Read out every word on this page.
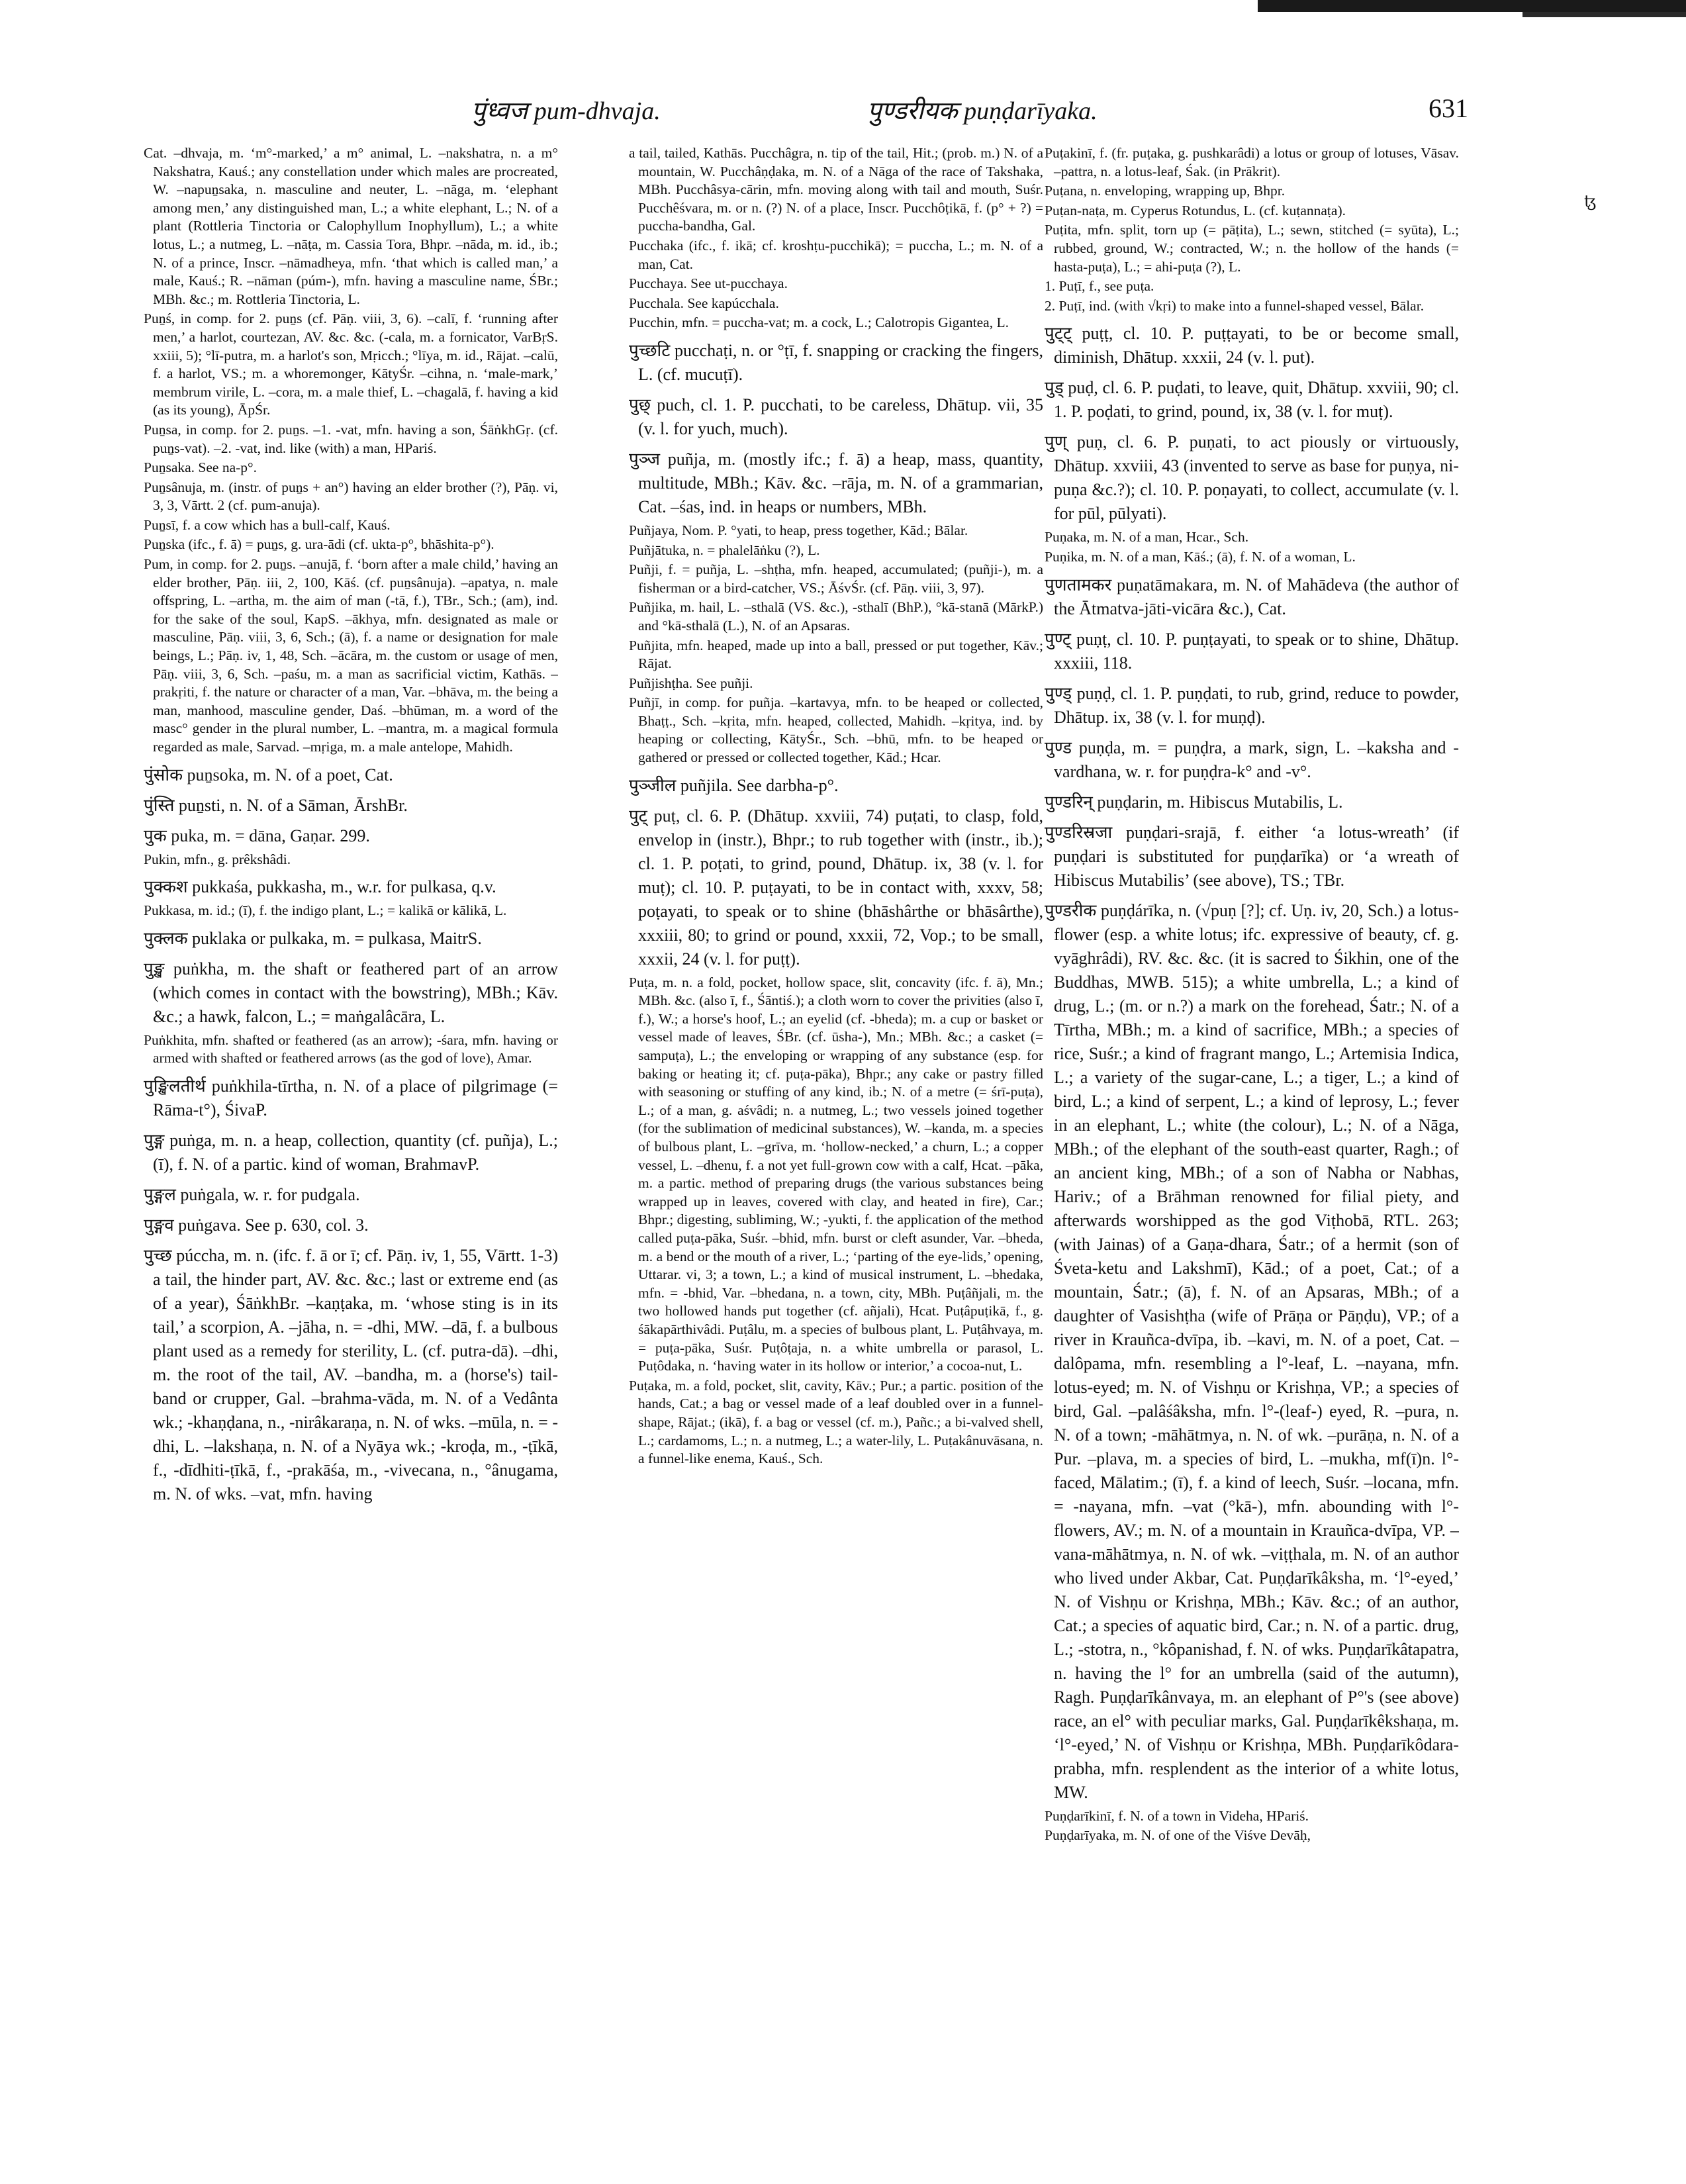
पुंध्वज pum-dhvaja.	पुण्डरीयक puṇḍarīyaka.	631
ꜩ

Cat. –dhvaja, m. ‘m°-marked,’ a m° animal, L. –nakshatra, n. a m° Nakshatra, Kauś.; any constellation under which males are procreated, W. –napuṉsaka, n. masculine and neuter, L. –nāga, m. ‘elephant among men,’ any distinguished man, L.; a white elephant, L.; N. of a plant (Rottleria Tinctoria or Calophyllum Inophyllum), L.; a white lotus, L.; a nutmeg, L. –nāṭa, m. Cassia Tora, Bhpr. –nāda, m. id., ib.; N. of a prince, Inscr. –nāmadheya, mfn. ‘that which is called man,’ a male, Kauś.; R. –nāman (púm-), mfn. having a masculine name, ŚBr.; MBh. &c.; m. Rottleria Tinctoria, L.

Puṉś, in comp. for 2. puṉs (cf. Pāṇ. viii, 3, 6). –calī, f. ‘running after men,’ a harlot, courtezan, AV. &c. &c. (-cala, m. a fornicator, VarBṛS. xxiii, 5); °lī-putra, m. a harlot's son, Mṛicch.; °līya, m. id., Rājat. –calū, f. a harlot, VS.; m. a whoremonger, KātyŚr. –cihna, n. ‘male-mark,’ membrum virile, L. –cora, m. a male thief, L. –chagalā, f. having a kid (as its young), ĀpŚr.

Puṉsa, in comp. for 2. puṉs. –1. -vat, mfn. having a son, ŚāṅkhGṛ. (cf. puṉs-vat). –2. -vat, ind. like (with) a man, HPariś.

Puṉsaka. See na-p°.

Puṉsânuja, m. (instr. of puṉs + an°) having an elder brother (?), Pāṇ. vi, 3, 3, Vārtt. 2 (cf. pum-anuja).

Puṉsī, f. a cow which has a bull-calf, Kauś.

Puṉska (ifc., f. ā) = puṉs, g. ura-ādi (cf. ukta-p°, bhāshita-p°).

Pum, in comp. for 2. puṉs. –anujā, f. ‘born after a male child,’ having an elder brother, Pāṇ. iii, 2, 100, Kāś. (cf. puṉsânuja). –apatya, n. male offspring, L. –artha, m. the aim of man (-tā, f.), TBr., Sch.; (am), ind. for the sake of the soul, KapS. –ākhya, mfn. designated as male or masculine, Pāṇ. viii, 3, 6, Sch.; (ā), f. a name or designation for male beings, L.; Pāṇ. iv, 1, 48, Sch. –ācāra, m. the custom or usage of men, Pāṇ. viii, 3, 6, Sch. –paśu, m. a man as sacrificial victim, Kathās. –prakṛiti, f. the nature or character of a man, Var. –bhāva, m. the being a man, manhood, masculine gender, Daś. –bhūman, m. a word of the masc° gender in the plural number, L. –mantra, m. a magical formula regarded as male, Sarvad. –mṛiga, m. a male antelope, Mahidh.

पुंसोक puṉsoka, m. N. of a poet, Cat.

पुंस्ति puṉsti, n. N. of a Sāman, ĀrshBr.

पुक puka, m. = dāna, Gaṇar. 299.

Pukin, mfn., g. prêkshâdi.

पुक्कश pukkaśa, pukkasha, m., w.r. for pulkasa, q.v.

Pukkasa, m. id.; (ī), f. the indigo plant, L.; = kalikā or kālikā, L.

पुक्लक puklaka or pulkaka, m. = pulkasa, MaitrS.

पुङ्ख puṅkha, m. the shaft or feathered part of an arrow (which comes in contact with the bowstring), MBh.; Kāv. &c.; a hawk, falcon, L.; = maṅgalâcāra, L.

Puṅkhita, mfn. shafted or feathered (as an arrow); -śara, mfn. having or armed with shafted or feathered arrows (as the god of love), Amar.

पुङ्खिलतीर्थ puṅkhila-tīrtha, n. N. of a place of pilgrimage (= Rāma-t°), ŚivaP.

पुङ्ग puṅga, m. n. a heap, collection, quantity (cf. puñja), L.; (ī), f. N. of a partic. kind of woman, BrahmavP.

पुङ्गल puṅgala, w. r. for pudgala.

पुङ्गव puṅgava. See p. 630, col. 3.

पुच्छ púccha, m. n. (ifc. f. ā or ī; cf. Pāṇ. iv, 1, 55, Vārtt. 1-3) a tail, the hinder part, AV. &c. &c.; last or extreme end (as of a year), ŚāṅkhBr. –kaṇṭaka, m. ‘whose sting is in its tail,’ a scorpion, A. –jāha, n. = -dhi, MW. –dā, f. a bulbous plant used as a remedy for sterility, L. (cf. putra-dā). –dhi, m. the root of the tail, AV. –bandha, m. a (horse's) tail-band or crupper, Gal. –brahma-vāda, m. N. of a Vedânta wk.; -khaṇḍana, n., -nirâkaraṇa, n. N. of wks. –mūla, n. = -dhi, L. –lakshaṇa, n. N. of a Nyāya wk.; -kroḍa, m., -ṭīkā, f., -dīdhiti-ṭīkā, f., -prakāśa, m., -vivecana, n., °ânugama, m. N. of wks. –vat, mfn. having

a tail, tailed, Kathās. Pucchâgra, n. tip of the tail, Hit.; (prob. m.) N. of a mountain, W. Pucchâṇḍaka, m. N. of a Nāga of the race of Takshaka, MBh. Pucchâsya-cārin, mfn. moving along with tail and mouth, Suśr. Pucchêśvara, m. or n. (?) N. of a place, Inscr. Pucchôṭikā, f. (p° + ?) = puccha-bandha, Gal.

Pucchaka (ifc., f. ikā; cf. kroshṭu-pucchikā); = puccha, L.; m. N. of a man, Cat.

Pucchaya. See ut-pucchaya.

Pucchala. See kapúcchala.

Pucchin, mfn. = puccha-vat; m. a cock, L.; Calotropis Gigantea, L.

पुच्छटि pucchaṭi, n. or °ṭī, f. snapping or cracking the fingers, L. (cf. mucuṭī).

पुछ् puch, cl. 1. P. pucchati, to be careless, Dhātup. vii, 35 (v. l. for yuch, much).

पुञ्ज puñja, m. (mostly ifc.; f. ā) a heap, mass, quantity, multitude, MBh.; Kāv. &c. –rāja, m. N. of a grammarian, Cat. –śas, ind. in heaps or numbers, MBh.

Puñjaya, Nom. P. °yati, to heap, press together, Kād.; Bālar.

Puñjātuka, n. = phalelāṅku (?), L.

Puñji, f. = puñja, L. –shṭha, mfn. heaped, accumulated; (puñji-), m. a fisherman or a bird-catcher, VS.; ĀśvŚr. (cf. Pāṇ. viii, 3, 97).

Puñjika, m. hail, L. –sthalā (VS. &c.), -sthalī (BhP.), °kā-stanā (MārkP.) and °kā-sthalā (L.), N. of an Apsaras.

Puñjita, mfn. heaped, made up into a ball, pressed or put together, Kāv.; Rājat.

Puñjishṭha. See puñji.

Puñjī, in comp. for puñja. –kartavya, mfn. to be heaped or collected, Bhaṭṭ., Sch. –kṛita, mfn. heaped, collected, Mahidh. –kṛitya, ind. by heaping or collecting, KātyŚr., Sch. –bhū, mfn. to be heaped or gathered or pressed or collected together, Kād.; Hcar.

पुञ्जील puñjila. See darbha-p°.

पुट् puṭ, cl. 6. P. (Dhātup. xxviii, 74) puṭati, to clasp, fold, envelop in (instr.), Bhpr.; to rub together with (instr., ib.); cl. 1. P. poṭati, to grind, pound, Dhātup. ix, 38 (v. l. for muṭ); cl. 10. P. puṭayati, to be in contact with, xxxv, 58; poṭayati, to speak or to shine (bhāshârthe or bhāsârthe), xxxiii, 80; to grind or pound, xxxii, 72, Vop.; to be small, xxxii, 24 (v. l. for puṭṭ).

Puṭa, m. n. a fold, pocket, hollow space, slit, concavity (ifc. f. ā), Mn.; MBh. &c. (also ī, f., Śāntiś.); a cloth worn to cover the privities (also ī, f.), W.; a horse's hoof, L.; an eyelid (cf. -bheda); m. a cup or basket or vessel made of leaves, ŚBr. (cf. ūsha-), Mn.; MBh. &c.; a casket (= sampuṭa), L.; the enveloping or wrapping of any substance (esp. for baking or heating it; cf. puṭa-pāka), Bhpr.; any cake or pastry filled with seasoning or stuffing of any kind, ib.; N. of a metre (= śrī-puṭa), L.; of a man, g. aśvâdi; n. a nutmeg, L.; two vessels joined together (for the sublimation of medicinal substances), W. –kanda, m. a species of bulbous plant, L. –grīva, m. ‘hollow-necked,’ a churn, L.; a copper vessel, L. –dhenu, f. a not yet full-grown cow with a calf, Hcat. –pāka, m. a partic. method of preparing drugs (the various substances being wrapped up in leaves, covered with clay, and heated in fire), Car.; Bhpr.; digesting, subliming, W.; -yukti, f. the application of the method called puṭa-pāka, Suśr. –bhid, mfn. burst or cleft asunder, Var. –bheda, m. a bend or the mouth of a river, L.; ‘parting of the eye-lids,’ opening, Uttarar. vi, 3; a town, L.; a kind of musical instrument, L. –bhedaka, mfn. = -bhid, Var. –bhedana, n. a town, city, MBh. Puṭâñjali, m. the two hollowed hands put together (cf. añjali), Hcat. Puṭâpuṭikā, f., g. śākapārthivâdi. Puṭâlu, m. a species of bulbous plant, L. Puṭâhvaya, m. = puṭa-pāka, Suśr. Puṭôṭaja, n. a white umbrella or parasol, L. Puṭôdaka, n. ‘having water in its hollow or interior,’ a cocoa-nut, L.

Puṭaka, m. a fold, pocket, slit, cavity, Kāv.; Pur.; a partic. position of the hands, Cat.; a bag or vessel made of a leaf doubled over in a funnel-shape, Rājat.; (ikā), f. a bag or vessel (cf. m.), Pañc.; a bi-valved shell, L.; cardamoms, L.; n. a nutmeg, L.; a water-lily, L. Puṭakânuvāsana, n. a funnel-like enema, Kauś., Sch.

Puṭakinī, f. (fr. puṭaka, g. pushkarâdi) a lotus or group of lotuses, Vāsav. –pattra, n. a lotus-leaf, Śak. (in Prākrit).

Puṭana, n. enveloping, wrapping up, Bhpr.

Puṭan-naṭa, m. Cyperus Rotundus, L. (cf. kuṭannaṭa).

Puṭita, mfn. split, torn up (= pāṭita), L.; sewn, stitched (= syūta), L.; rubbed, ground, W.; contracted, W.; n. the hollow of the hands (= hasta-puṭa), L.; = ahi-puṭa (?), L.

1. Puṭī, f., see puṭa.

2. Puṭī, ind. (with √kṛi) to make into a funnel-shaped vessel, Bālar.

पुट्ट् puṭṭ, cl. 10. P. puṭṭayati, to be or become small, diminish, Dhātup. xxxii, 24 (v. l. put).

पुड् puḍ, cl. 6. P. puḍati, to leave, quit, Dhātup. xxviii, 90; cl. 1. P. poḍati, to grind, pound, ix, 38 (v. l. for muṭ).

पुण् puṇ, cl. 6. P. puṇati, to act piously or virtuously, Dhātup. xxviii, 43 (invented to serve as base for puṇya, ni-puṇa &c.?); cl. 10. P. poṇayati, to collect, accumulate (v. l. for pūl, pūlyati).

Puṇaka, m. N. of a man, Hcar., Sch.

Puṇika, m. N. of a man, Kāś.; (ā), f. N. of a woman, L.

पुणतामकर puṇatāmakara, m. N. of Mahādeva (the author of the Ātmatva-jāti-vicāra &c.), Cat.

पुण्ट् puṇṭ, cl. 10. P. puṇṭayati, to speak or to shine, Dhātup. xxxiii, 118.

पुण्ड् puṇḍ, cl. 1. P. puṇḍati, to rub, grind, reduce to powder, Dhātup. ix, 38 (v. l. for muṇḍ).

पुण्ड puṇḍa, m. = puṇḍra, a mark, sign, L. –kaksha and -vardhana, w. r. for puṇḍra-k° and -v°.

पुण्डरिन् puṇḍarin, m. Hibiscus Mutabilis, L.

पुण्डरिस्रजा puṇḍari-srajā, f. either ‘a lotus-wreath’ (if puṇḍari is substituted for puṇḍarīka) or ‘a wreath of Hibiscus Mutabilis’ (see above), TS.; TBr.

पुण्डरीक puṇḍárīka, n. (√puṇ [?]; cf. Uṇ. iv, 20, Sch.) a lotus-flower (esp. a white lotus; ifc. expressive of beauty, cf. g. vyāghrâdi), RV. &c. &c. (it is sacred to Śikhin, one of the Buddhas, MWB. 515); a white umbrella, L.; a kind of drug, L.; (m. or n.?) a mark on the forehead, Śatr.; N. of a Tīrtha, MBh.; m. a kind of sacrifice, MBh.; a species of rice, Suśr.; a kind of fragrant mango, L.; Artemisia Indica, L.; a variety of the sugar-cane, L.; a tiger, L.; a kind of bird, L.; a kind of serpent, L.; a kind of leprosy, L.; fever in an elephant, L.; white (the colour), L.; N. of a Nāga, MBh.; of the elephant of the south-east quarter, Ragh.; of an ancient king, MBh.; of a son of Nabha or Nabhas, Hariv.; of a Brāhman renowned for filial piety, and afterwards worshipped as the god Viṭhobā, RTL. 263; (with Jainas) of a Gaṇa-dhara, Śatr.; of a hermit (son of Śveta-ketu and Lakshmī), Kād.; of a poet, Cat.; of a mountain, Śatr.; (ā), f. N. of an Apsaras, MBh.; of a daughter of Vasishṭha (wife of Prāṇa or Pāṇḍu), VP.; of a river in Krauñca-dvīpa, ib. –kavi, m. N. of a poet, Cat. –dalôpama, mfn. resembling a l°-leaf, L. –nayana, mfn. lotus-eyed; m. N. of Vishṇu or Krishṇa, VP.; a species of bird, Gal. –palâśâksha, mfn. l°-(leaf-) eyed, R. –pura, n. N. of a town; -māhātmya, n. N. of wk. –purāṇa, n. N. of a Pur. –plava, m. a species of bird, L. –mukha, mf(ī)n. l°-faced, Mālatim.; (ī), f. a kind of leech, Suśr. –locana, mfn. = -nayana, mfn. –vat (°kā-), mfn. abounding with l°-flowers, AV.; m. N. of a mountain in Krauñca-dvīpa, VP. –vana-māhātmya, n. N. of wk. –viṭṭhala, m. N. of an author who lived under Akbar, Cat. Puṇḍarīkâksha, m. ‘l°-eyed,’ N. of Vishṇu or Krishṇa, MBh.; Kāv. &c.; of an author, Cat.; a species of aquatic bird, Car.; n. N. of a partic. drug, L.; -stotra, n., °kôpanishad, f. N. of wks. Puṇḍarīkâtapatra, n. having the l° for an umbrella (said of the autumn), Ragh. Puṇḍarīkânvaya, m. an elephant of P°'s (see above) race, an el° with peculiar marks, Gal. Puṇḍarīkêkshaṇa, m. ‘l°-eyed,’ N. of Vishṇu or Krishṇa, MBh. Puṇḍarīkôdara-prabha, mfn. resplendent as the interior of a white lotus, MW.

Puṇḍarīkinī, f. N. of a town in Videha, HPariś.

Puṇḍarīyaka, m. N. of one of the Viśve Devāḥ,
